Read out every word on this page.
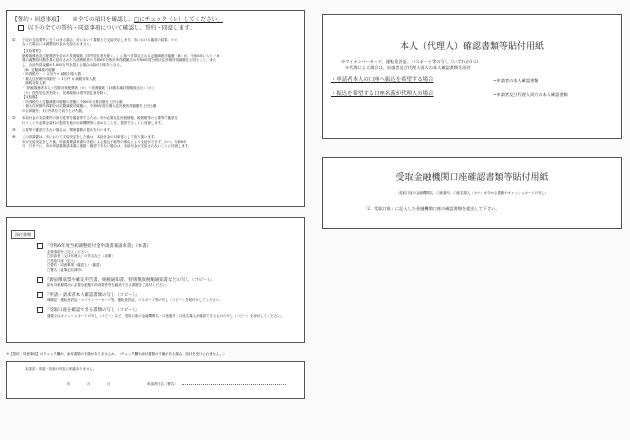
【誓約・同意事項】 ※全ての項目を確認し、□にチェック（レ）してください。
以下の全ての誓約・同意事項について確認し、誓約・同意します。
①	下記の支給要件に当てはまる場合、市において書類上で支給決定します。市における審査の結果、＊＊
なった場合には調整給付金は支給されません。
【支給要件】
納税義務者及び配偶者を含めた扶養親族（国外居住者を除く。）に基づき算定される定額減税可能額（B）が、令和6年に入り「#
強の調整給付額を基に給付された当該納税者の令和6年分推計所得税額又は令和6年度分個人住民税所得割額を上回ること。また
し、合計所得金額が1,805万円を超える場合は給付対象外となる。
（B）定額減税可能額
・所得税分　＝ 3万円 × 減税対象人数
・個人住民税所得割分 ＝ 1万円 × 減税対象人数
　減税対象人数
・「納税義務者本人＋控除対象配偶者（※）＋扶養親族（16歳未満扶養親族含む）（※）」
（※）国外居住者を除く、扶養親族は国外居住者を除く。
【支給額】
・所得税分と定額減税可能額の差額に令和6年分推計額を上回る額
・個人住民税所得割分は定額減税可能額に、令和6年度分個人住民税所得割額を上回る額
の合算額を、1万円単位で切り上げた額。
②	本給付金の支給要件の該当性等を審査等するため、市が必要な住民税情報、税情報等の公簿等で確認を
行うことや必要な資料の提供を他の行政機関等に求めることを、提供することに同意します。
③	公募等で確認できない場合は、関係書類の提出を行います。
④	この申請書は、市において支給決定をした後は、本給付金の対象者として取り扱います。
市が支給決定をした後、申請書兼請求書の手続による振込不能等の事由により支給ができず、かつ、令和6年
月　日までに、市が申請書兼請求書に連絡・確認できない場合は、本給付金が支給されないことに同意します。
添付書類
『令和6年度当初調整給付金申請書兼請求書』（本書）
必要事項をご記入ください。
□申請者（又は代理人）の氏名など（直筆）
□受取口座（記入）
□誓約・同意事項（確認上）（確認）
□署名（直筆記名押印）
『源泉徴収票や確定申告書、納税通知書、特別徴収税額通知書などの写し（コピー）』
給付対象額算出に必要な根拠や所得要件等を確認できる書類をご添付ください。
『申請・請求者本人確認書類の写し（コピー）』
保険証・運転免許証・マイナンバーカード等、運転免許証、パスポート等の写し（コピー）を貼付けしてください。
『受取口座を確認できる書類の写し（コピー）』
通帳又はキャッシュカードの写し（コピー）など、受取口座の金融機関名・口座番号・口座名義人が確認できるものの写し（コピー）を添付してください。
※【誓約・同意事項】のチェック欄が、添付書類の不備がありませんか。（チェック欄や添付書類の不備がある場合、給付を受けられません。）
本請求・申請・同意の内容に相違ありません。
年	月	日	申請者氏名（署名）
本人（代理人）確認書類等貼付用紙
※マイナンバーカード、運転免許証、パスポート等の写し（いずれか1つ）
※代理による場合は、申請者及び代理人両人の本人確認書類を添付
・申請者本人の口座へ振込を希望する場合	→申請者の本人確認書類
・振込を希望する口座名義が代理人の場合	→申請者及び代理人両方の本人確認書類
受取金融機関口座確認書類等貼付用紙
（受取口座の金融機関名、口座番号、口座名義人（カナ）が分かる通帳やキャッシュカードの写し）
「2．受取口座」に記入した金融機関口座の確認書類を提出して下さい。
